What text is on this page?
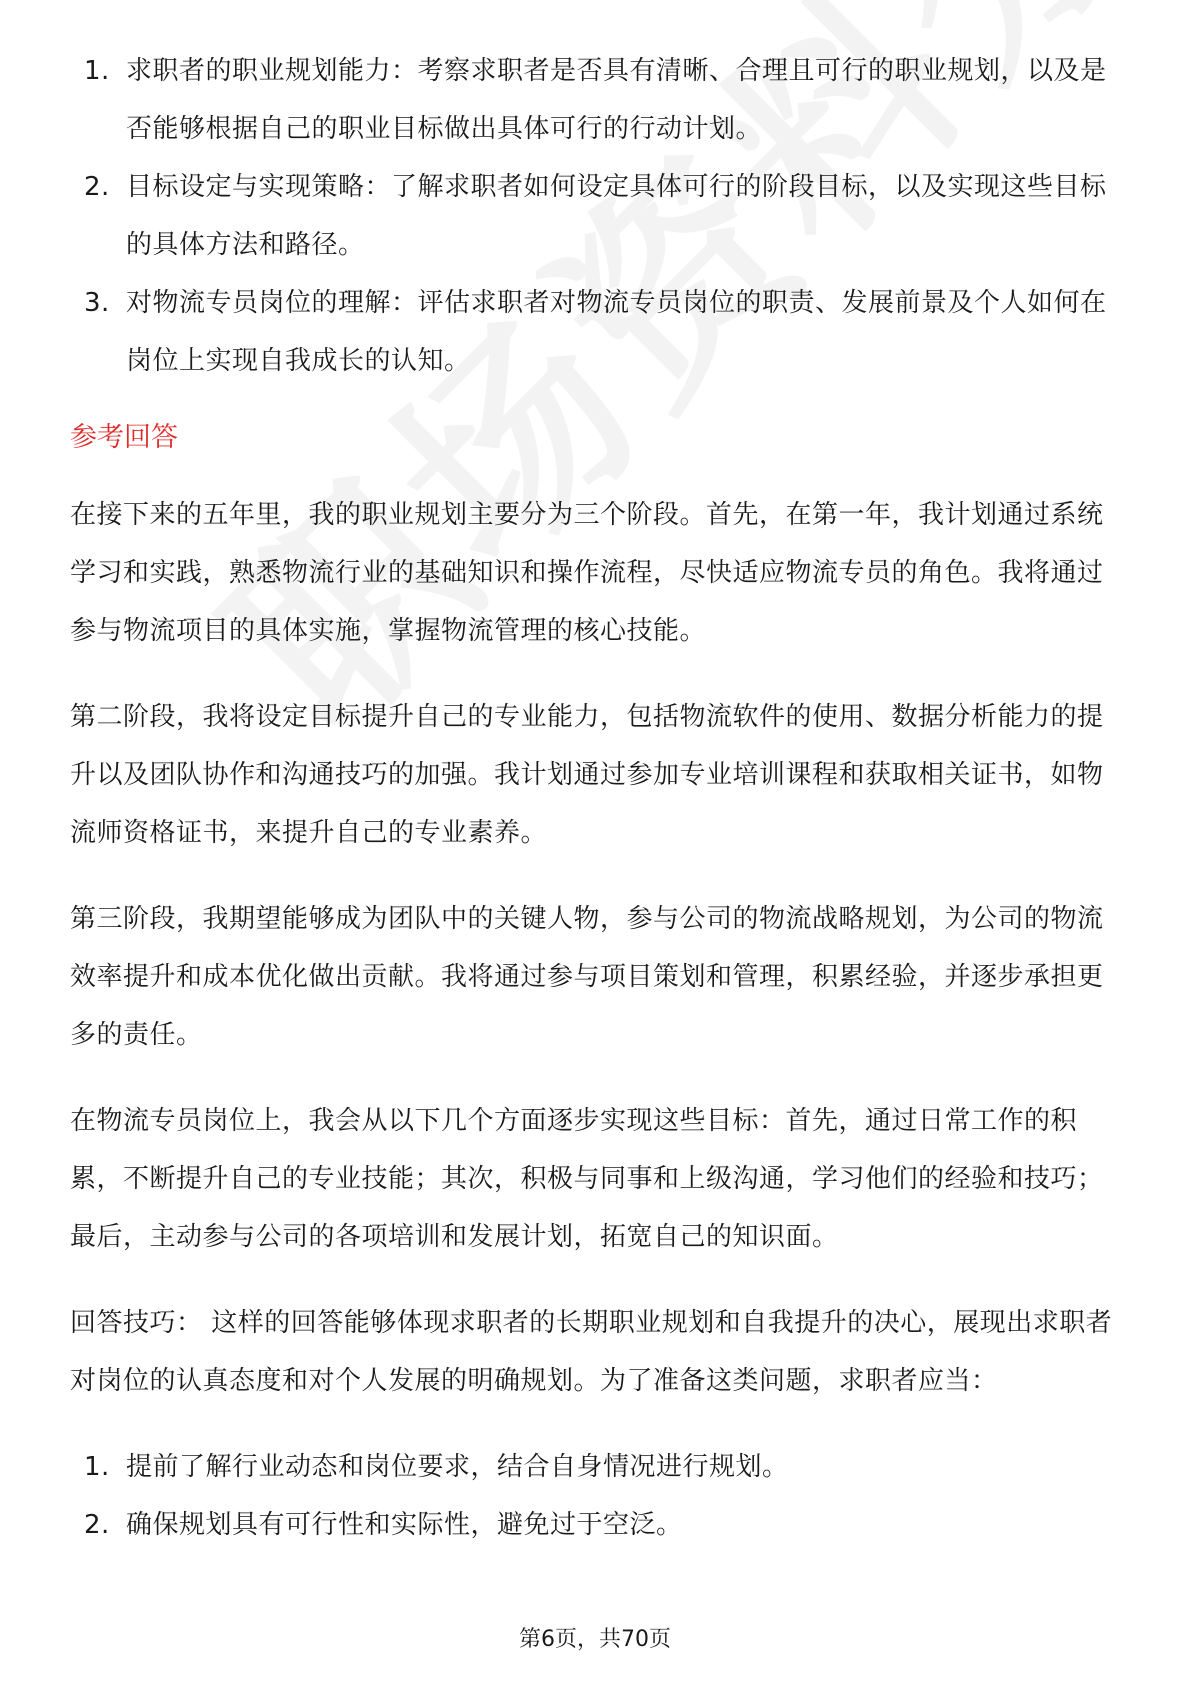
1. 求职者的职业规划能力：考察求职者是否具有清晰、合理且可行的职业规划，以及是否能够根据自己的职业目标做出具体可行的行动计划。
2. 目标设定与实现策略：了解求职者如何设定具体可行的阶段目标，以及实现这些目标的具体方法和路径。
3. 对物流专员岗位的理解：评估求职者对物流专员岗位的职责、发展前景及个人如何在岗位上实现自我成长的认知。
参考回答

在接下来的五年里，我的职业规划主要分为三个阶段。首先，在第一年，我计划通过系统学习和实践，熟悉物流行业的基础知识和操作流程，尽快适应物流专员的角色。我将通过参与物流项目的具体实施，掌握物流管理的核心技能。

第二阶段，我将设定目标提升自己的专业能力，包括物流软件的使用、数据分析能力的提升以及团队协作和沟通技巧的加强。我计划通过参加专业培训课程和获取相关证书，如物流师资格证书，来提升自己的专业素养。

第三阶段，我期望能够成为团队中的关键人物，参与公司的物流战略规划，为公司的物流效率提升和成本优化做出贡献。我将通过参与项目策划和管理，积累经验，并逐步承担更多的责任。

在物流专员岗位上，我会从以下几个方面逐步实现这些目标：首先，通过日常工作的积累，不断提升自己的专业技能；其次，积极与同事和上级沟通，学习他们的经验和技巧；最后，主动参与公司的各项培训和发展计划，拓宽自己的知识面。

回答技巧： 这样的回答能够体现求职者的长期职业规划和自我提升的决心，展现出求职者对岗位的认真态度和对个人发展的明确规划。为了准备这类问题，求职者应当：

1. 提前了解行业动态和岗位要求，结合自身情况进行规划。
2. 确保规划具有可行性和实际性，避免过于空泛。
第6页，共70页
